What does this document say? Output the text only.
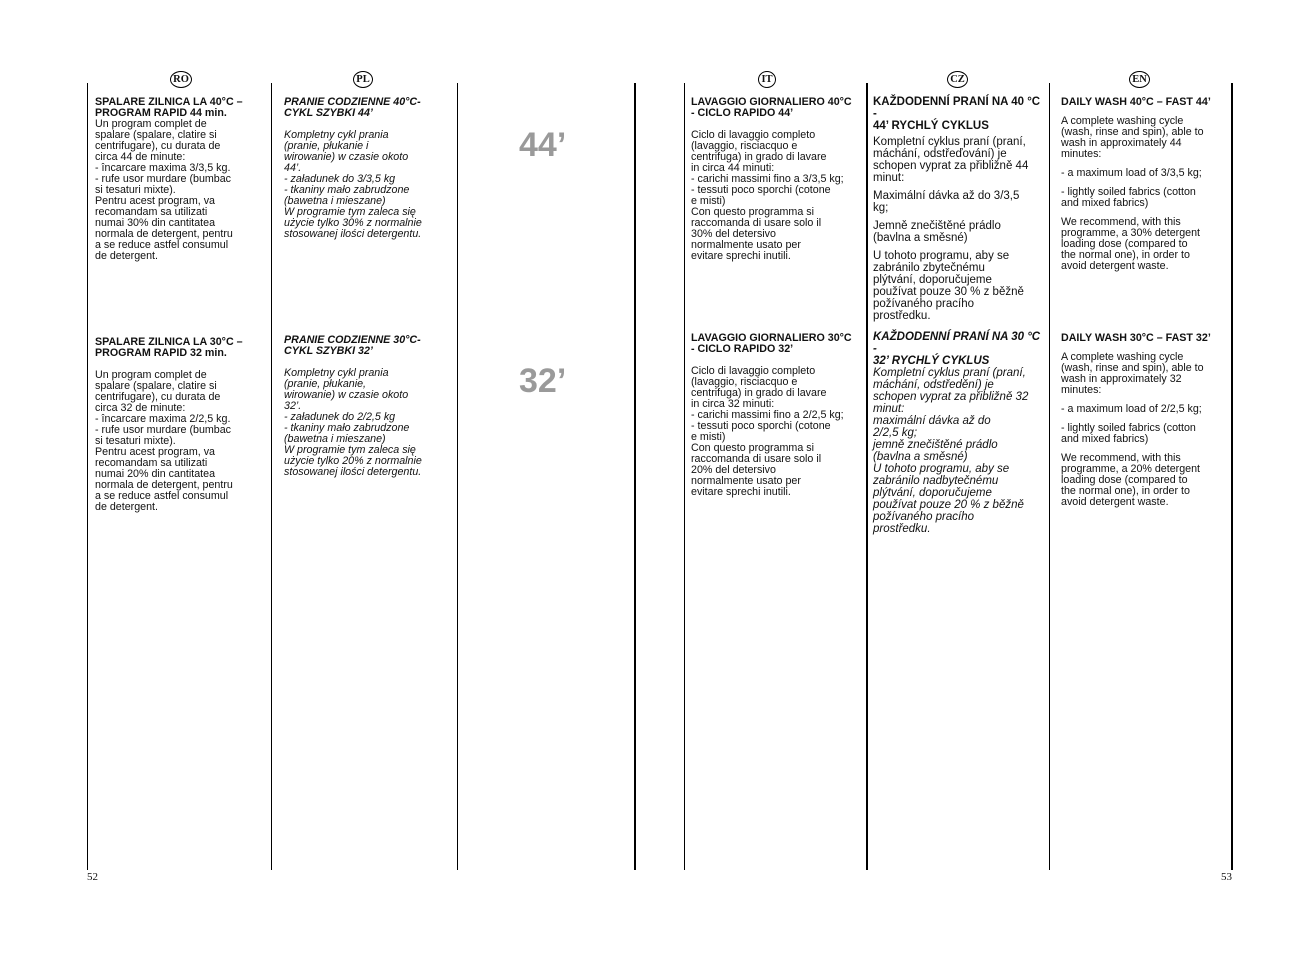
RO	PL	IT	CZ	EN
44’
32’

SPALARE ZILNICA LA 40°C –
PROGRAM RAPID 44 min.

Un program complet de
spalare (spalare, clatire si
centrifugare), cu durata de
circa 44 de minute:
- încarcare maxima 3/3,5 kg.
- rufe usor murdare (bumbac
si tesaturi mixte).
Pentru acest program, va
recomandam sa utilizati
numai 30% din cantitatea
normala de detergent, pentru
a se reduce astfel consumul
de detergent.

SPALARE ZILNICA LA 30°C –
PROGRAM RAPID 32 min.

Un program complet de
spalare (spalare, clatire si
centrifugare), cu durata de
circa 32 de minute:
- încarcare maxima 2/2,5 kg.
- rufe usor murdare (bumbac
si tesaturi mixte).
Pentru acest program, va
recomandam sa utilizati
numai 20% din cantitatea
normala de detergent, pentru
a se reduce astfel consumul
de detergent.

PRANIE CODZIENNE 40°C-
CYKL SZYBKI 44’

Kompletny cykl prania
(pranie, płukanie i
wirowanie) w czasie okoto
44’.
- załadunek do 3/3,5 kg
- tkaniny mało zabrudzone
(bawetna i mieszane)
W programie tym zaleca się
użycie tylko 30% z normalnie
stosowanej ilości detergentu.

PRANIE CODZIENNE 30°C-
CYKL SZYBKI 32’

Kompletny cykl prania
(pranie, płukanie,
wirowanie) w czasie okoto
32’.
- załadunek do 2/2,5 kg
- tkaniny mało zabrudzone
(bawetna i mieszane)
W programie tym zaleca się
użycie tylko 20% z normalnie
stosowanej ilości detergentu.

LAVAGGIO GIORNALIERO 40°C
- CICLO RAPIDO 44’

Ciclo di lavaggio completo
(lavaggio, risciacquo e
centrifuga) in grado di lavare
in circa 44 minuti:
- carichi massimi fino a 3/3,5 kg;
- tessuti poco sporchi (cotone
e misti)
Con questo programma si
raccomanda di usare solo il
30% del detersivo
normalmente usato per
evitare sprechi inutili.

LAVAGGIO GIORNALIERO 30°C
- CICLO RAPIDO 32’

Ciclo di lavaggio completo
(lavaggio, risciacquo e
centrifuga) in grado di lavare
in circa 32 minuti:
- carichi massimi fino a 2/2,5 kg;
- tessuti poco sporchi (cotone
e misti)
Con questo programma si
raccomanda di usare solo il
20% del detersivo
normalmente usato per
evitare sprechi inutili.

KAŽDODENNÍ PRANÍ NA 40 °C -
44’ RYCHLÝ CYKLUS

Kompletní cyklus praní (praní,
máchání, odstřeďování) je
schopen vyprat za přibližně 44
minut:

Maximální dávka až do 3/3,5
kg;

Jemně znečištěné prádlo
(bavlna a směsné)

U tohoto programu, aby se
zabránilo zbytečnému
plýtvání, doporučujeme
používat pouze 30 % z běžně
požívaného pracího
prostředku.

KAŽDODENNÍ PRANÍ NA 30 °C -
32’ RYCHLÝ CYKLUS

Kompletní cyklus praní (praní,
máchání, odstředění) je
schopen vyprat za přibližně 32
minut:
maximální dávka až do
2/2,5 kg;
jemně znečištěné prádlo
(bavlna a směsné)
U tohoto programu, aby se
zabránilo nadbytečnému
plýtvání, doporučujeme
používat pouze 20 % z běžně
požívaného pracího
prostředku.

DAILY WASH 40°C – FAST 44’

A complete washing cycle
(wash, rinse and spin), able to
wash in approximately 44
minutes:

- a maximum load of 3/3,5 kg;

- lightly soiled fabrics (cotton
and mixed fabrics)

We recommend, with this
programme, a 30% detergent
loading dose (compared to
the normal one), in order to
avoid detergent waste.

DAILY WASH 30°C – FAST 32’

A complete washing cycle
(wash, rinse and spin), able to
wash in approximately 32
minutes:

- a maximum load of 2/2,5 kg;

- lightly soiled fabrics (cotton
and mixed fabrics)

We recommend, with this
programme, a 20% detergent
loading dose (compared to
the normal one), in order to
avoid detergent waste.

52	53
